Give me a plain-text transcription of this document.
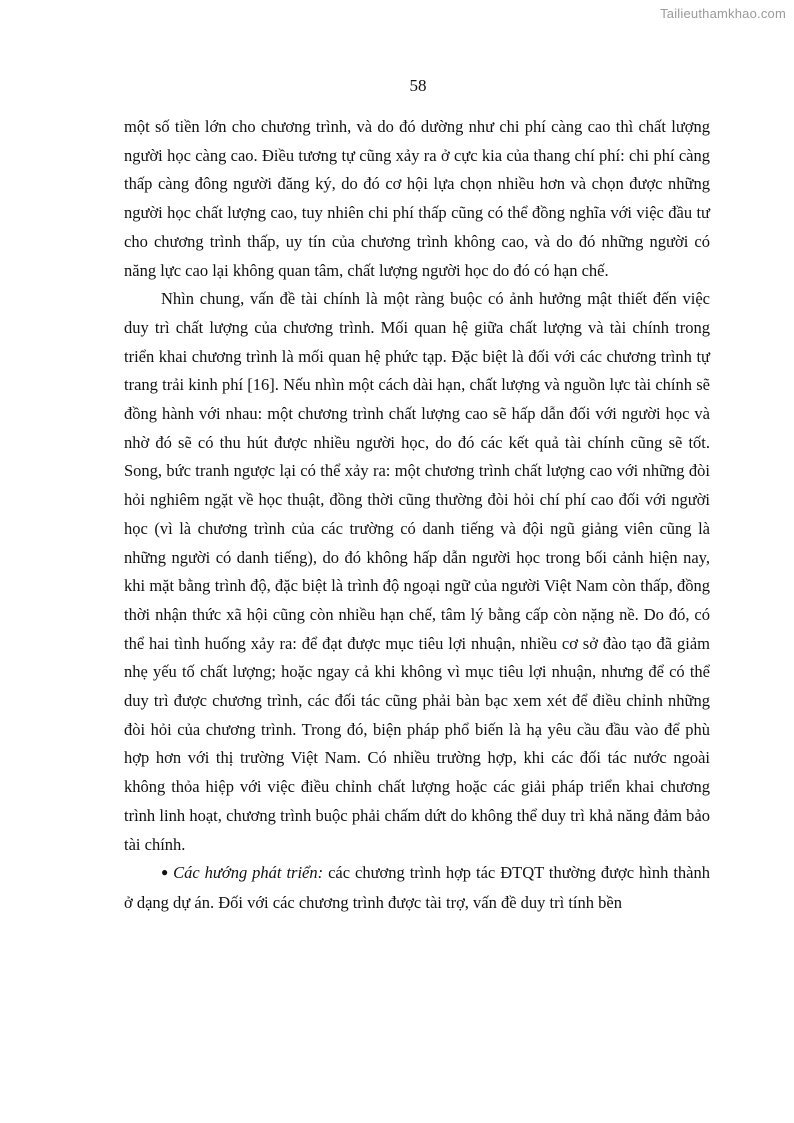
Tailieuthamkhao.com
58

một số tiền lớn cho chương trình, và do đó dường như chi phí càng cao thì chất lượng người học càng cao. Điều tương tự cũng xảy ra ở cực kia của thang chí phí: chi phí càng thấp càng đông người đăng ký, do đó cơ hội lựa chọn nhiều hơn và chọn được những người học chất lượng cao, tuy nhiên chi phí thấp cũng có thể đồng nghĩa với việc đầu tư cho chương trình thấp, uy tín của chương trình không cao, và do đó những người có năng lực cao lại không quan tâm, chất lượng người học do đó có hạn chế.

Nhìn chung, vấn đề tài chính là một ràng buộc có ảnh hưởng mật thiết đến việc duy trì chất lượng của chương trình. Mối quan hệ giữa chất lượng và tài chính trong triển khai chương trình là mối quan hệ phức tạp. Đặc biệt là đối với các chương trình tự trang trải kinh phí [16]. Nếu nhìn một cách dài hạn, chất lượng và nguồn lực tài chính sẽ đồng hành với nhau: một chương trình chất lượng cao sẽ hấp dẫn đối với người học và nhờ đó sẽ có thu hút được nhiều người học, do đó các kết quả tài chính cũng sẽ tốt. Song, bức tranh ngược lại có thể xảy ra: một chương trình chất lượng cao với những đòi hỏi nghiêm ngặt về học thuật, đồng thời cũng thường đòi hỏi chí phí cao đối với người học (vì là chương trình của các trường có danh tiếng và đội ngũ giảng viên cũng là những người có danh tiếng), do đó không hấp dẫn người học trong bối cảnh hiện nay, khi mặt bằng trình độ, đặc biệt là trình độ ngoại ngữ của người Việt Nam còn thấp, đồng thời nhận thức xã hội cũng còn nhiều hạn chế, tâm lý bằng cấp còn nặng nề. Do đó, có thể hai tình huống xảy ra: để đạt được mục tiêu lợi nhuận, nhiều cơ sở đào tạo đã giảm nhẹ yếu tố chất lượng; hoặc ngay cả khi không vì mục tiêu lợi nhuận, nhưng để có thể duy trì được chương trình, các đối tác cũng phải bàn bạc xem xét để điều chỉnh những đòi hỏi của chương trình. Trong đó, biện pháp phổ biến là hạ yêu cầu đầu vào để phù hợp hơn với thị trường Việt Nam. Có nhiều trường hợp, khi các đối tác nước ngoài không thỏa hiệp với việc điều chỉnh chất lượng hoặc các giải pháp triển khai chương trình linh hoạt, chương trình buộc phải chấm dứt do không thể duy trì khả năng đảm bảo tài chính.

● Các hướng phát triển: các chương trình hợp tác ĐTQT thường được hình thành ở dạng dự án. Đối với các chương trình được tài trợ, vấn đề duy trì tính bền
